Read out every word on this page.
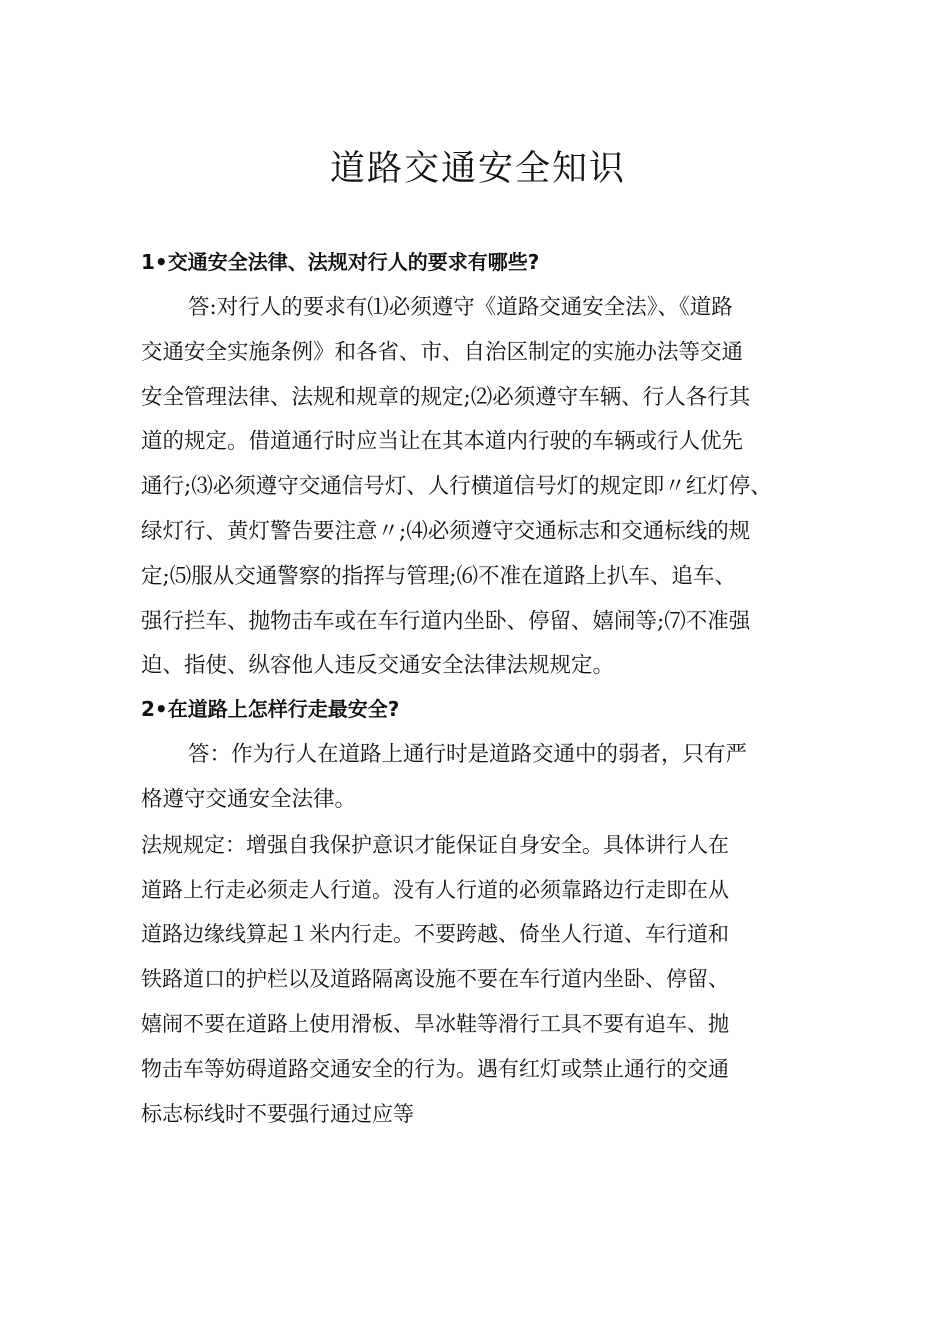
道路交通安全知识
1•交通安全法律、法规对行人的要求有哪些?
答:对行人的要求有⑴必须遵守《道路交通安全法》、《道路
交通安全实施条例》和各省、市、自治区制定的实施办法等交通
安全管理法律、法规和规章的规定;⑵必须遵守车辆、行人各行其
道的规定。借道通行时应当让在其本道内行驶的车辆或行人优先
通行;⑶必须遵守交通信号灯、人行横道信号灯的规定即〃红灯停、
绿灯行、黄灯警告要注意〃;⑷必须遵守交通标志和交通标线的规
定;⑸服从交通警察的指挥与管理;⑹不准在道路上扒车、追车、
强行拦车、抛物击车或在车行道内坐卧、停留、嬉闹等;⑺不准强
迫、指使、纵容他人违反交通安全法律法规规定。
2•在道路上怎样行走最安全?
答：作为行人在道路上通行时是道路交通中的弱者，只有严
格遵守交通安全法律。
法规规定：增强自我保护意识才能保证自身安全。具体讲行人在
道路上行走必须走人行道。没有人行道的必须靠路边行走即在从
道路边缘线算起１米内行走。不要跨越、倚坐人行道、车行道和
铁路道口的护栏以及道路隔离设施不要在车行道内坐卧、停留、
嬉闹不要在道路上使用滑板、旱冰鞋等滑行工具不要有追车、抛
物击车等妨碍道路交通安全的行为。遇有红灯或禁止通行的交通
标志标线时不要强行通过应等
